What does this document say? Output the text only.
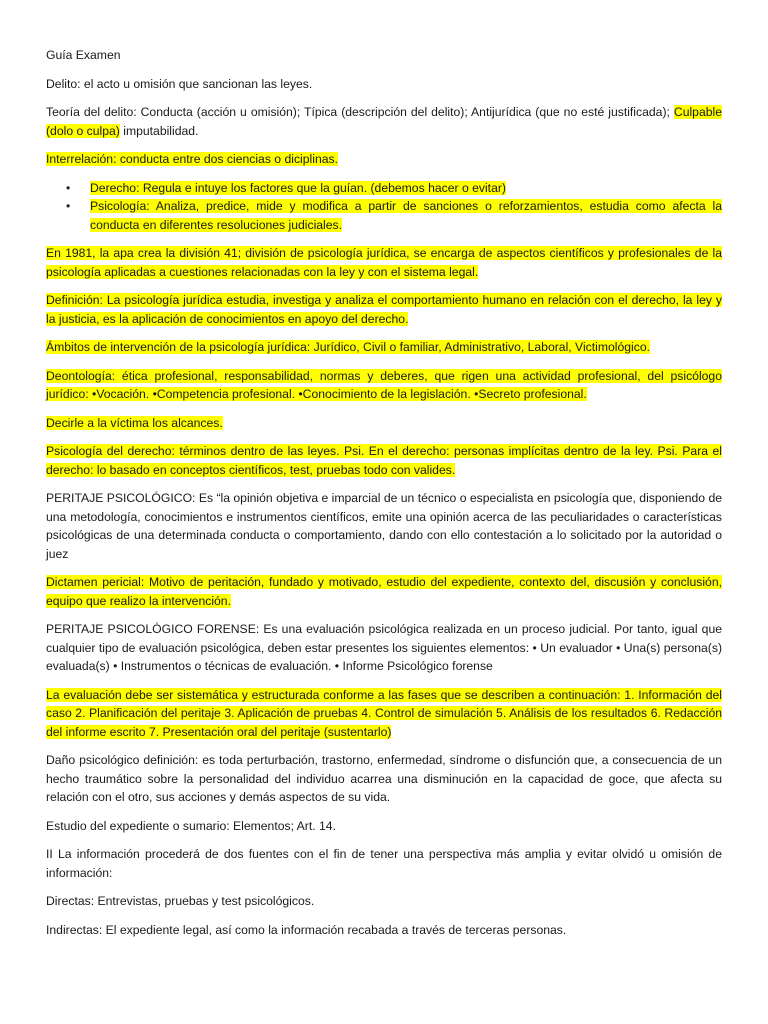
Guía Examen

Delito: el acto u omisión que sancionan las leyes.

Teoría del delito: Conducta (acción u omisión); Típica (descripción del delito); Antijurídica (que no esté justificada); Culpable (dolo o culpa) imputabilidad.

Interrelación: conducta entre dos ciencias o diciplinas.

• Derecho: Regula e intuye los factores que la guían. (debemos hacer o evitar)
• Psicología: Analiza, predice, mide y modifica a partir de sanciones o reforzamientos, estudia como afecta la conducta en diferentes resoluciones judiciales.

En 1981, la apa crea la división 41; división de psicología jurídica, se encarga de aspectos científicos y profesionales de la psicología aplicadas a cuestiones relacionadas con la ley y con el sistema legal.

Definición: La psicología jurídica estudia, investiga y analiza el comportamiento humano en relación con el derecho, la ley y la justicia, es la aplicación de conocimientos en apoyo del derecho.

Ámbitos de intervención de la psicología jurídica: Jurídico, Civil o familiar, Administrativo, Laboral, Victimológico.

Deontología: ética profesional, responsabilidad, normas y deberes, que rigen una actividad profesional, del psicólogo jurídico: •Vocación. •Competencia profesional. •Conocimiento de la legislación. •Secreto profesional.

Decirle a la víctima los alcances.

Psicología del derecho: términos dentro de las leyes. Psi. En el derecho: personas implícitas dentro de la ley. Psi. Para el derecho: lo basado en conceptos científicos, test, pruebas todo con valides.

PERITAJE PSICOLÓGICO: Es “la opinión objetiva e imparcial de un técnico o especialista en psicología que, disponiendo de una metodología, conocimientos e instrumentos científicos, emite una opinión acerca de las peculiaridades o características psicológicas de una determinada conducta o comportamiento, dando con ello contestación a lo solicitado por la autoridad o juez

Dictamen pericial: Motivo de peritación, fundado y motivado, estudio del expediente, contexto del, discusión y conclusión, equipo que realizo la intervención.

PERITAJE PSICOLÓGICO FORENSE: Es una evaluación psicológica realizada en un proceso judicial. Por tanto, igual que cualquier tipo de evaluación psicológica, deben estar presentes los siguientes elementos: • Un evaluador • Una(s) persona(s) evaluada(s) • Instrumentos o técnicas de evaluación. • Informe Psicológico forense

La evaluación debe ser sistemática y estructurada conforme a las fases que se describen a continuación: 1. Información del caso 2. Planificación del peritaje 3. Aplicación de pruebas 4. Control de simulación 5. Análisis de los resultados 6. Redacción del informe escrito 7. Presentación oral del peritaje (sustentarlo)

Daño psicológico definición: es toda perturbación, trastorno, enfermedad, síndrome o disfunción que, a consecuencia de un hecho traumático sobre la personalidad del individuo acarrea una disminución en la capacidad de goce, que afecta su relación con el otro, sus acciones y demás aspectos de su vida.

Estudio del expediente o sumario: Elementos; Art. 14.

II La información procederá de dos fuentes con el fin de tener una perspectiva más amplia y evitar olvidó u omisión de información:

Directas: Entrevistas, pruebas y test psicológicos.

Indirectas: El expediente legal, así como la información recabada a través de terceras personas.
